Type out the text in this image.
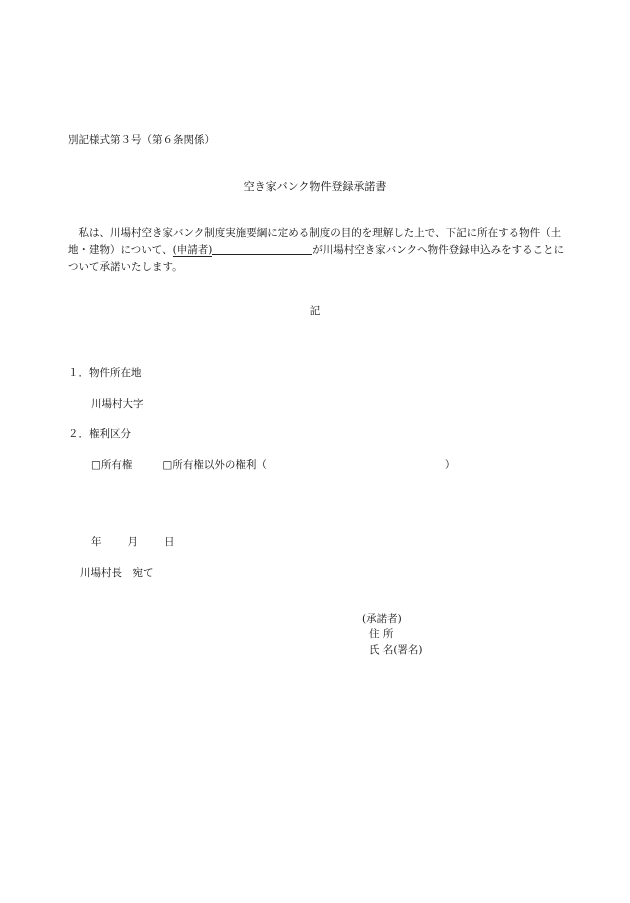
別記様式第３号（第６条関係）
空き家バンク物件登録承諾書
　私は、川場村空き家バンク制度実施要綱に定める制度の目的を理解した上で、下記に所在する物件（土地・建物）について、(申請者)	が川場村空き家バンクへ物件登録申込みをすることについて承諾いたします。
記
１．物件所在地
川場村大字
２．権利区分
□所有権	□所有権以外の権利（	）
年 月 日
川場村長　宛て
(承諾者)
住 所
氏 名(署名)
